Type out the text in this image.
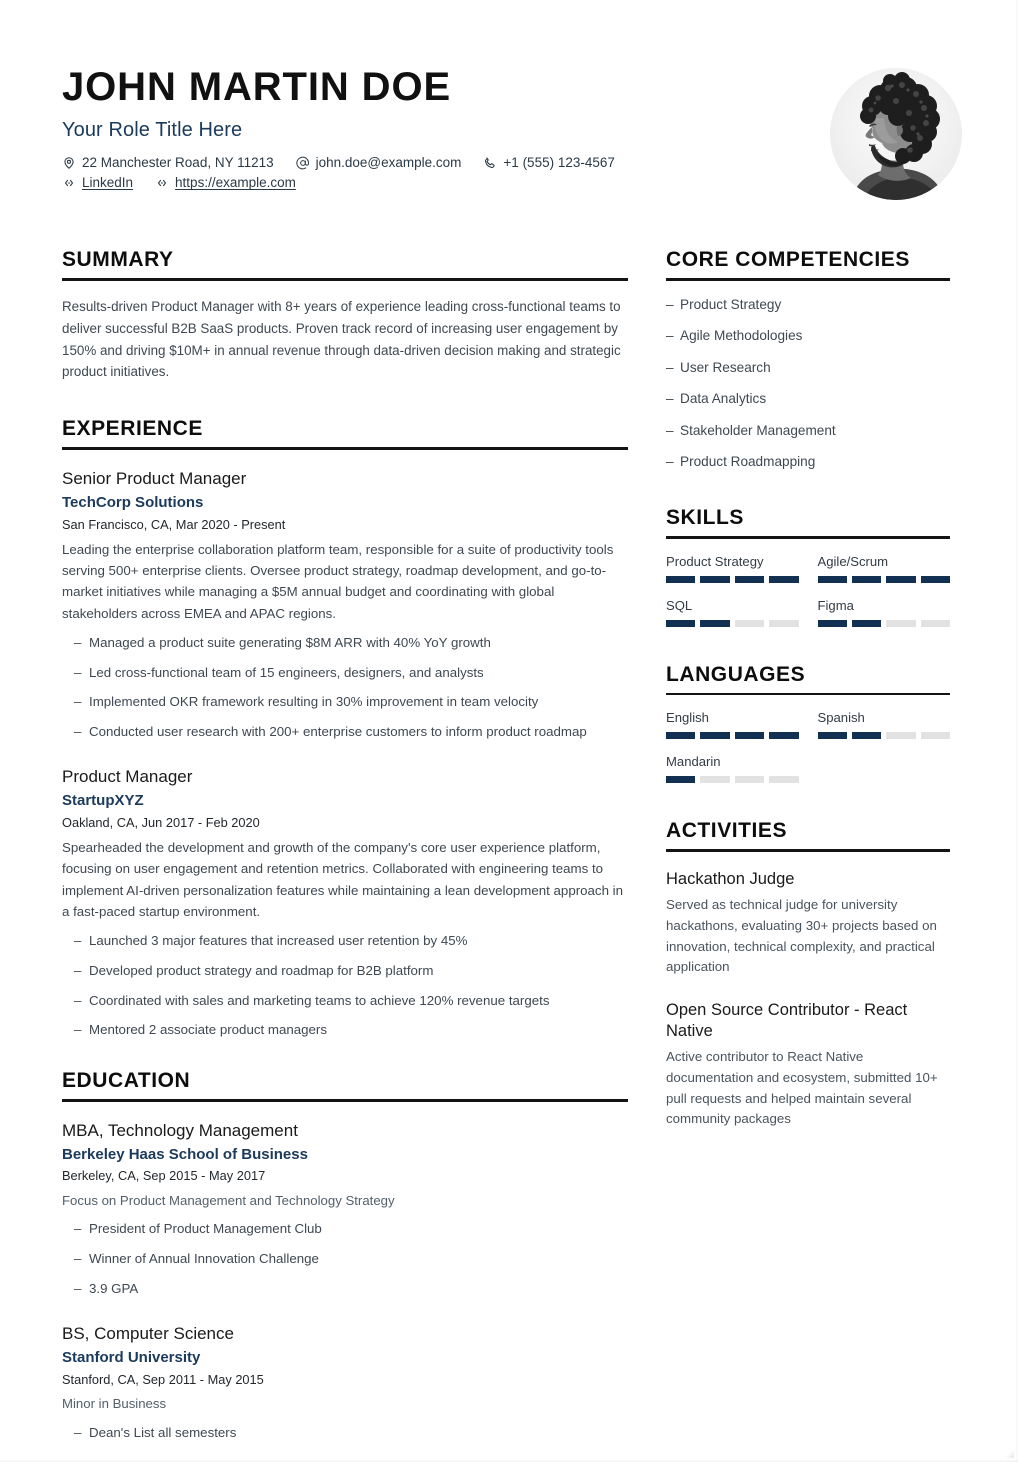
JOHN MARTIN DOE
Your Role Title Here
22 Manchester Road, NY 11213	john.doe@example.com	+1 (555) 123-4567
LinkedIn	https://example.com
SUMMARY
Results-driven Product Manager with 8+ years of experience leading cross-functional teams to deliver successful B2B SaaS products. Proven track record of increasing user engagement by 150% and driving $10M+ in annual revenue through data-driven decision making and strategic product initiatives.
EXPERIENCE
Senior Product Manager
TechCorp Solutions
San Francisco, CA, Mar 2020 - Present
Leading the enterprise collaboration platform team, responsible for a suite of productivity tools serving 500+ enterprise clients. Oversee product strategy, roadmap development, and go-to-market initiatives while managing a $5M annual budget and coordinating with global stakeholders across EMEA and APAC regions.
– Managed a product suite generating $8M ARR with 40% YoY growth
– Led cross-functional team of 15 engineers, designers, and analysts
– Implemented OKR framework resulting in 30% improvement in team velocity
– Conducted user research with 200+ enterprise customers to inform product roadmap
Product Manager
StartupXYZ
Oakland, CA, Jun 2017 - Feb 2020
Spearheaded the development and growth of the company's core user experience platform, focusing on user engagement and retention metrics. Collaborated with engineering teams to implement AI-driven personalization features while maintaining a lean development approach in a fast-paced startup environment.
– Launched 3 major features that increased user retention by 45%
– Developed product strategy and roadmap for B2B platform
– Coordinated with sales and marketing teams to achieve 120% revenue targets
– Mentored 2 associate product managers
EDUCATION
MBA, Technology Management
Berkeley Haas School of Business
Berkeley, CA, Sep 2015 - May 2017
Focus on Product Management and Technology Strategy
– President of Product Management Club
– Winner of Annual Innovation Challenge
– 3.9 GPA
BS, Computer Science
Stanford University
Stanford, CA, Sep 2011 - May 2015
Minor in Business
– Dean's List all semesters
CORE COMPETENCIES
– Product Strategy
– Agile Methodologies
– User Research
– Data Analytics
– Stakeholder Management
– Product Roadmapping
SKILLS
Product Strategy	Agile/Scrum
SQL	Figma
LANGUAGES
English	Spanish
Mandarin
ACTIVITIES
Hackathon Judge
Served as technical judge for university hackathons, evaluating 30+ projects based on innovation, technical complexity, and practical application
Open Source Contributor - React Native
Active contributor to React Native documentation and ecosystem, submitted 10+ pull requests and helped maintain several community packages
